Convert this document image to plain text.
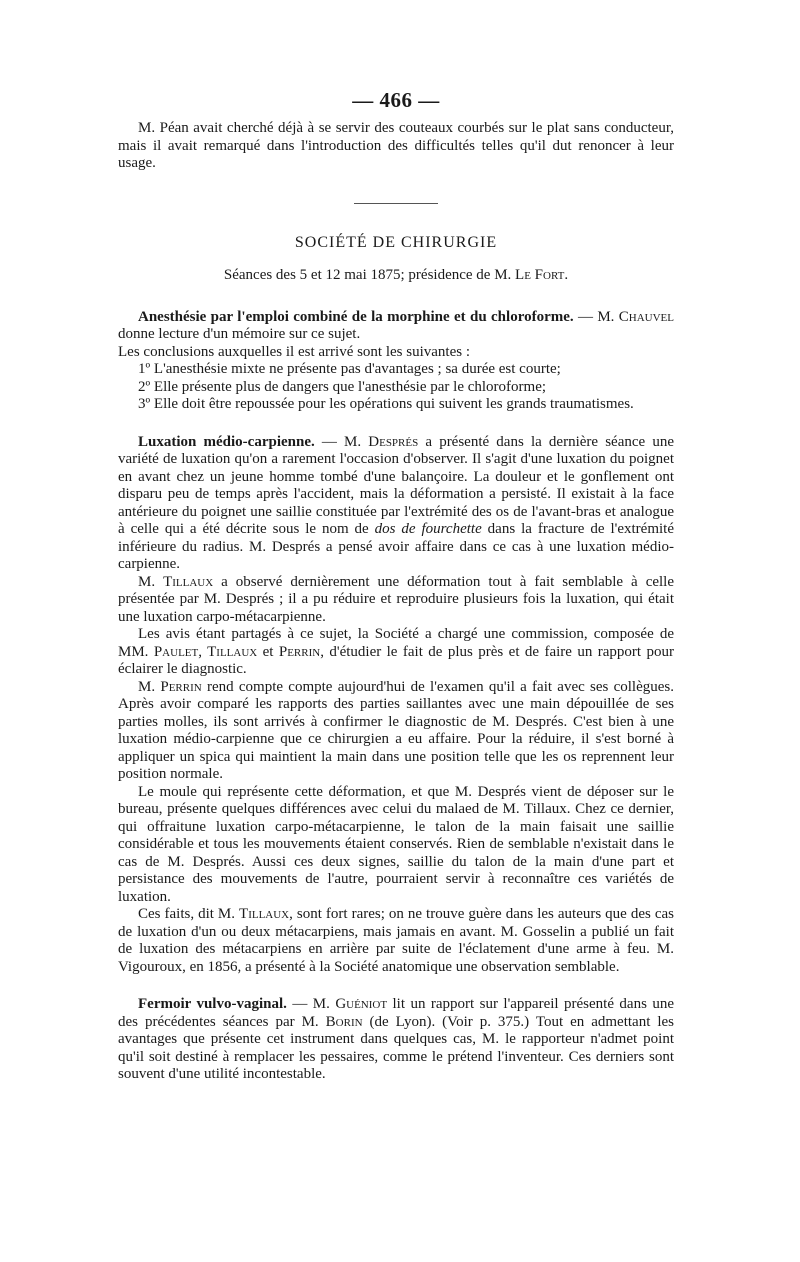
— 466 —

M. Péan avait cherché déjà à se servir des couteaux courbés sur le plat sans conducteur, mais il avait remarqué dans l'introduction des difficultés telles qu'il dut renoncer à leur usage.

SOCIÉTÉ DE CHIRURGIE
Séances des 5 et 12 mai 1875; présidence de M. Le Fort.

Anesthésie par l'emploi combiné de la morphine et du chloroforme. — M. Chauvel donne lecture d'un mémoire sur ce sujet.

Les conclusions auxquelles il est arrivé sont les suivantes :

1º L'anesthésie mixte ne présente pas d'avantages ; sa durée est courte;

2º Elle présente plus de dangers que l'anesthésie par le chloroforme;

3º Elle doit être repoussée pour les opérations qui suivent les grands traumatismes.

Luxation médio-carpienne. — M. Després a présenté dans la dernière séance une variété de luxation qu'on a rarement l'occasion d'observer. Il s'agit d'une luxation du poignet en avant chez un jeune homme tombé d'une balançoire. La douleur et le gonflement ont disparu peu de temps après l'accident, mais la déformation a persisté. Il existait à la face antérieure du poignet une saillie constituée par l'extrémité des os de l'avant-bras et analogue à celle qui a été décrite sous le nom de dos de fourchette dans la fracture de l'extrémité inférieure du radius. M. Després a pensé avoir affaire dans ce cas à une luxation médio-carpienne.

M. Tillaux a observé dernièrement une déformation tout à fait semblable à celle présentée par M. Després ; il a pu réduire et reproduire plusieurs fois la luxation, qui était une luxation carpo-métacarpienne.

Les avis étant partagés à ce sujet, la Société a chargé une commission, composée de MM. Paulet, Tillaux et Perrin, d'étudier le fait de plus près et de faire un rapport pour éclairer le diagnostic.

M. Perrin rend compte compte aujourd'hui de l'examen qu'il a fait avec ses collègues. Après avoir comparé les rapports des parties saillantes avec une main dépouillée de ses parties molles, ils sont arrivés à confirmer le diagnostic de M. Després. C'est bien à une luxation médio-carpienne que ce chirurgien a eu affaire. Pour la réduire, il s'est borné à appliquer un spica qui maintient la main dans une position telle que les os reprennent leur position normale.

Le moule qui représente cette déformation, et que M. Després vient de déposer sur le bureau, présente quelques différences avec celui du malaed de M. Tillaux. Chez ce dernier, qui offraitune luxation carpo-métacarpienne, le talon de la main faisait une saillie considérable et tous les mouvements étaient conservés. Rien de semblable n'existait dans le cas de M. Després. Aussi ces deux signes, saillie du talon de la main d'une part et persistance des mouvements de l'autre, pourraient servir à reconnaître ces variétés de luxation.

Ces faits, dit M. Tillaux, sont fort rares; on ne trouve guère dans les auteurs que des cas de luxation d'un ou deux métacarpiens, mais jamais en avant. M. Gosselin a publié un fait de luxation des métacarpiens en arrière par suite de l'éclatement d'une arme à feu. M. Vigouroux, en 1856, a présenté à la Société anatomique une observation semblable.

Fermoir vulvo-vaginal. — M. Guéniot lit un rapport sur l'appareil présenté dans une des précédentes séances par M. Borin (de Lyon). (Voir p. 375.) Tout en admettant les avantages que présente cet instrument dans quelques cas, M. le rapporteur n'admet point qu'il soit destiné à remplacer les pessaires, comme le prétend l'inventeur. Ces derniers sont souvent d'une utilité incontestable.
